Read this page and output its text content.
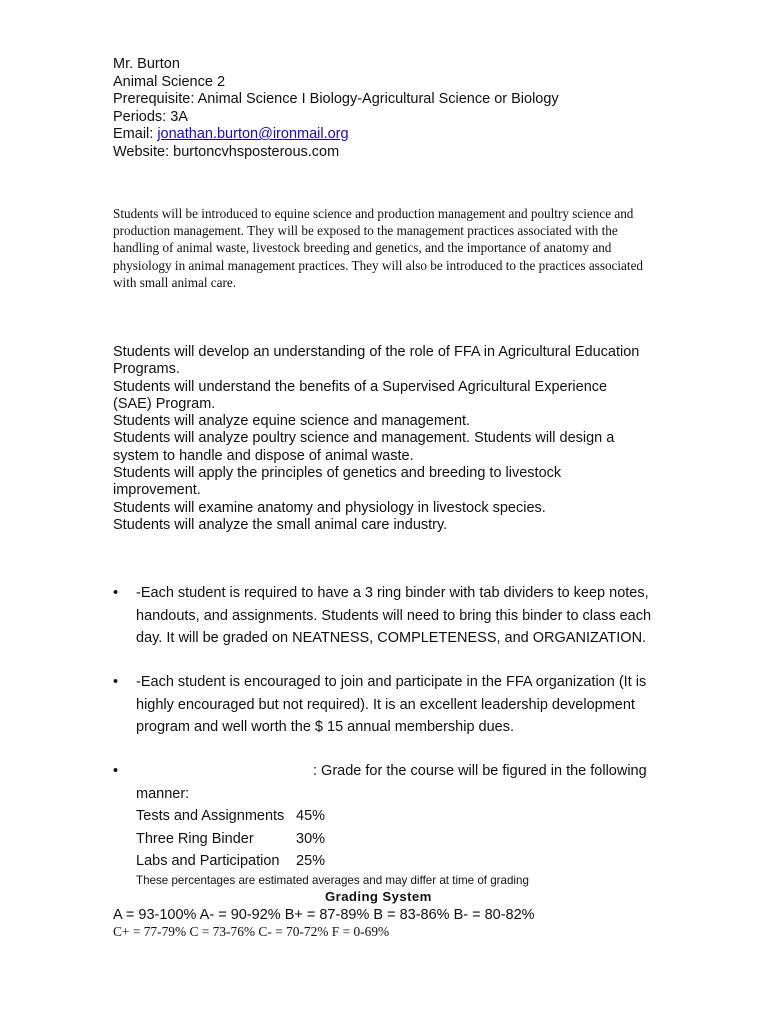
Mr. Burton
Animal Science 2
Prerequisite: Animal Science I Biology-Agricultural Science or Biology
Periods: 3A
Email: jonathan.burton@ironmail.org
Website: burtoncvhsposterous.com
Students will be introduced to equine science and production management and poultry science and production management. They will be exposed to the management practices associated with the handling of animal waste, livestock breeding and genetics, and the importance of anatomy and physiology in animal management practices. They will also be introduced to the practices associated with small animal care.
Students will develop an understanding of the role of FFA in Agricultural Education Programs.
Students will understand the benefits of a Supervised Agricultural Experience (SAE) Program.
Students will analyze equine science and management.
Students will analyze poultry science and management. Students will design a system to handle and dispose of animal waste.
Students will apply the principles of genetics and breeding to livestock improvement.
Students will examine anatomy and physiology in livestock species.
Students will analyze the small animal care industry.
•	-Each student is required to have a 3 ring binder with tab dividers to keep notes, handouts, and assignments. Students will need to bring this binder to class each day. It will be graded on NEATNESS, COMPLETENESS, and ORGANIZATION.
•	-Each student is encouraged to join and participate in the FFA organization (It is highly encouraged but not required). It is an excellent leadership development program and well worth the $ 15 annual membership dues.
•	: Grade for the course will be figured in the following
manner:
Tests and Assignments 45%
Three Ring Binder	30%
Labs and Participation	25%
These percentages are estimated averages and may differ at time of grading
Grading System
A = 93-100% A- = 90-92% B+ = 87-89% B = 83-86% B- = 80-82%
C+ = 77-79% C = 73-76% C- = 70-72% F = 0-69%
